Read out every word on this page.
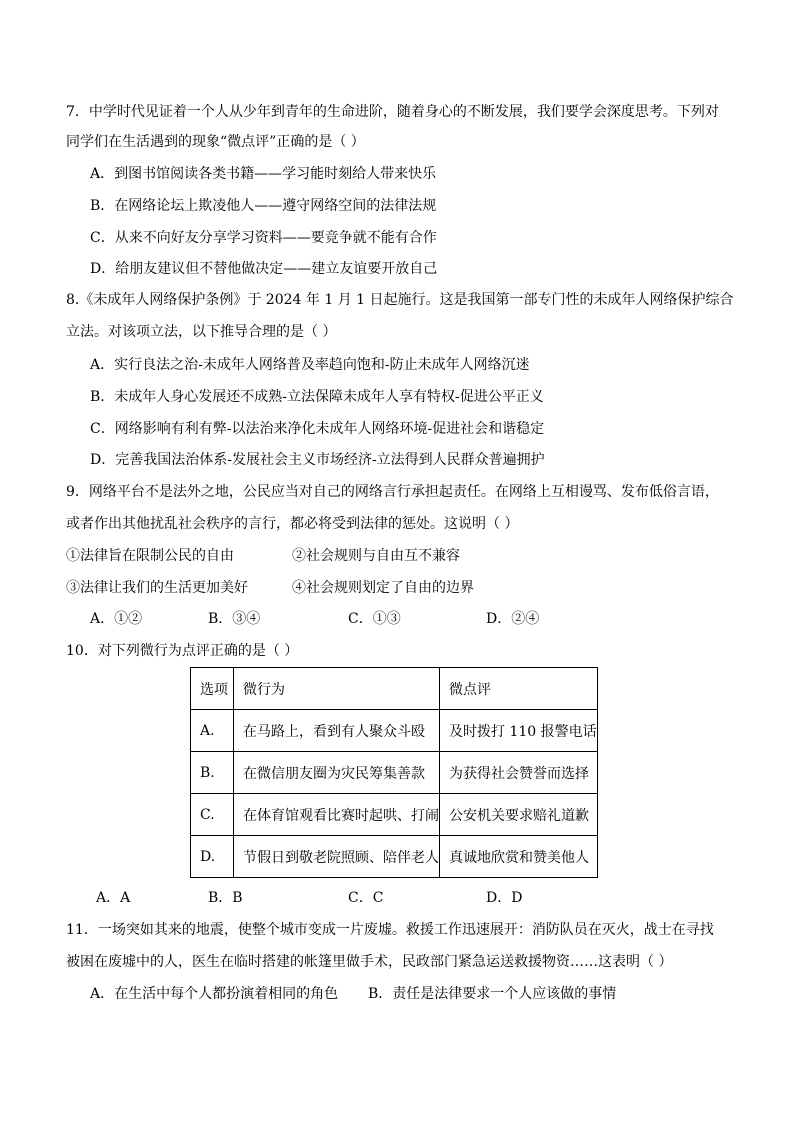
7．中学时代见证着一个人从少年到青年的生命进阶，随着身心的不断发展，我们要学会深度思考。下列对
同学们在生活遇到的现象“微点评”正确的是（ ）
A．到图书馆阅读各类书籍——学习能时刻给人带来快乐
B．在网络论坛上欺凌他人——遵守网络空间的法律法规
C．从来不向好友分享学习资料——要竞争就不能有合作
D．给朋友建议但不替他做决定——建立友谊要开放自己
8.《未成年人网络保护条例》于 2024 年 1 月 1 日起施行。这是我国第一部专门性的未成年人网络保护综合
立法。对该项立法，以下推导合理的是（ ）
A．实行良法之治-未成年人网络普及率趋向饱和-防止未成年人网络沉迷
B．未成年人身心发展还不成熟-立法保障未成年人享有特权-促进公平正义
C．网络影响有利有弊-以法治来净化未成年人网络环境-促进社会和谐稳定
D．完善我国法治体系-发展社会主义市场经济-立法得到人民群众普遍拥护
9．网络平台不是法外之地，公民应当对自己的网络言行承担起责任。在网络上互相谩骂、发布低俗言语，
或者作出其他扰乱社会秩序的言行，都必将受到法律的惩处。这说明（ ）
①法律旨在限制公民的自由	②社会规则与自由互不兼容
③法律让我们的生活更加美好	④社会规则划定了自由的边界
A．①②	B．③④	C．①③	D．②④
10．对下列微行为点评正确的是（ ）
选项	微行为	微点评
A.	在马路上，看到有人聚众斗殴	及时拨打 110 报警电话
B.	在微信朋友圈为灾民筹集善款	为获得社会赞誉而选择
C.	在体育馆观看比赛时起哄、打闹	公安机关要求赔礼道歉
D.	节假日到敬老院照顾、陪伴老人	真诚地欣赏和赞美他人
A．A	B．B	C．C	D．D
11．一场突如其来的地震，使整个城市变成一片废墟。救援工作迅速展开：消防队员在灭火，战士在寻找
被困在废墟中的人，医生在临时搭建的帐篷里做手术，民政部门紧急运送救援物资……这表明（ ）
A．在生活中每个人都扮演着相同的角色 B．责任是法律要求一个人应该做的事情
